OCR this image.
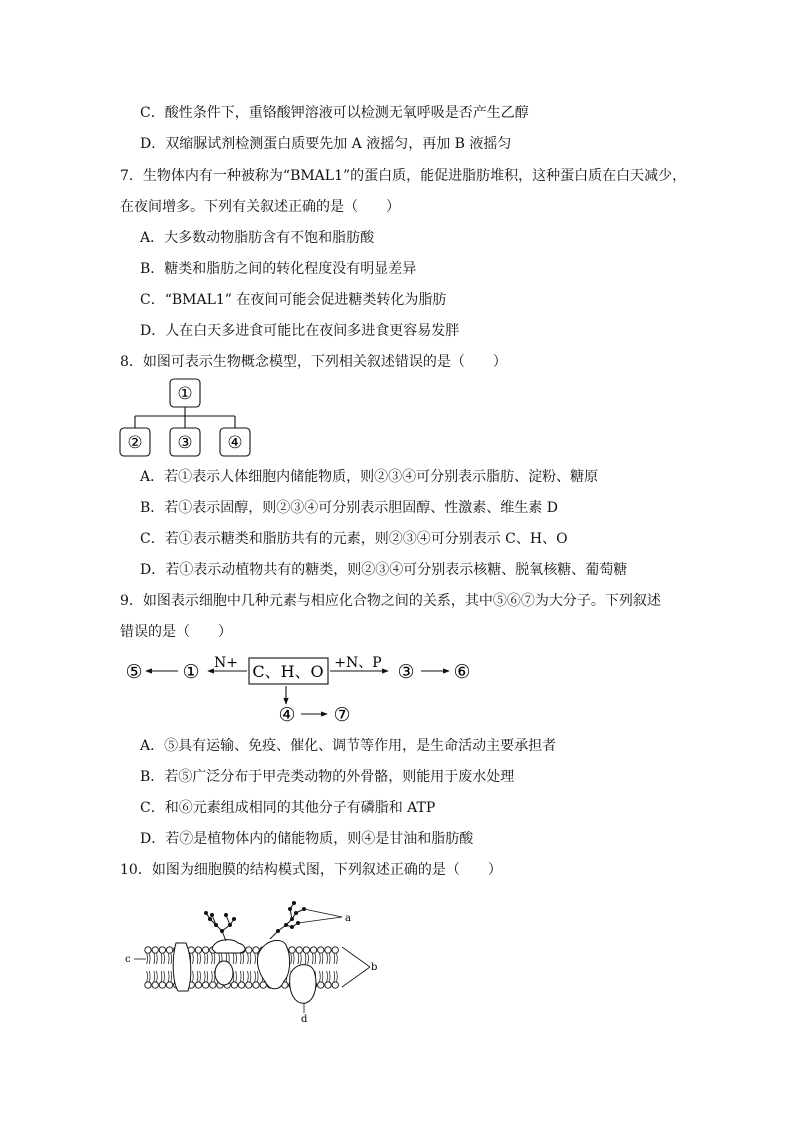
C．酸性条件下，重铬酸钾溶液可以检测无氧呼吸是否产生乙醇
D．双缩脲试剂检测蛋白质要先加 A 液摇匀，再加 B 液摇匀
7．生物体内有一种被称为“BMAL1”的蛋白质，能促进脂肪堆积，这种蛋白质在白天减少，
在夜间增多。下列有关叙述正确的是（　　）
A．大多数动物脂肪含有不饱和脂肪酸
B．糖类和脂肪之间的转化程度没有明显差异
C．“BMAL1” 在夜间可能会促进糖类转化为脂肪
D．人在白天多进食可能比在夜间多进食更容易发胖
8．如图可表示生物概念模型，下列相关叙述错误的是（　　）
①
② ③ ④
A．若①表示人体细胞内储能物质，则②③④可分别表示脂肪、淀粉、糖原
B．若①表示固醇，则②③④可分别表示胆固醇、性激素、维生素 D
C．若①表示糖类和脂肪共有的元素，则②③④可分别表示 C、H、O
D．若①表示动植物共有的糖类，则②③④可分别表示核糖、脱氧核糖、葡萄糖
9．如图表示细胞中几种元素与相应化合物之间的关系，其中⑤⑥⑦为大分子。下列叙述
错误的是（　　）
C、H、O
N+	+N、P
⑤ ①	③ ⑥
④ ⑦
A．⑤具有运输、免疫、催化、调节等作用，是生命活动主要承担者
B．若⑤广泛分布于甲壳类动物的外骨骼，则能用于废水处理
C．和⑥元素组成相同的其他分子有磷脂和 ATP
D．若⑦是植物体内的储能物质，则④是甘油和脂肪酸
10．如图为细胞膜的结构模式图，下列叙述正确的是（　　）
a
b
c
d
